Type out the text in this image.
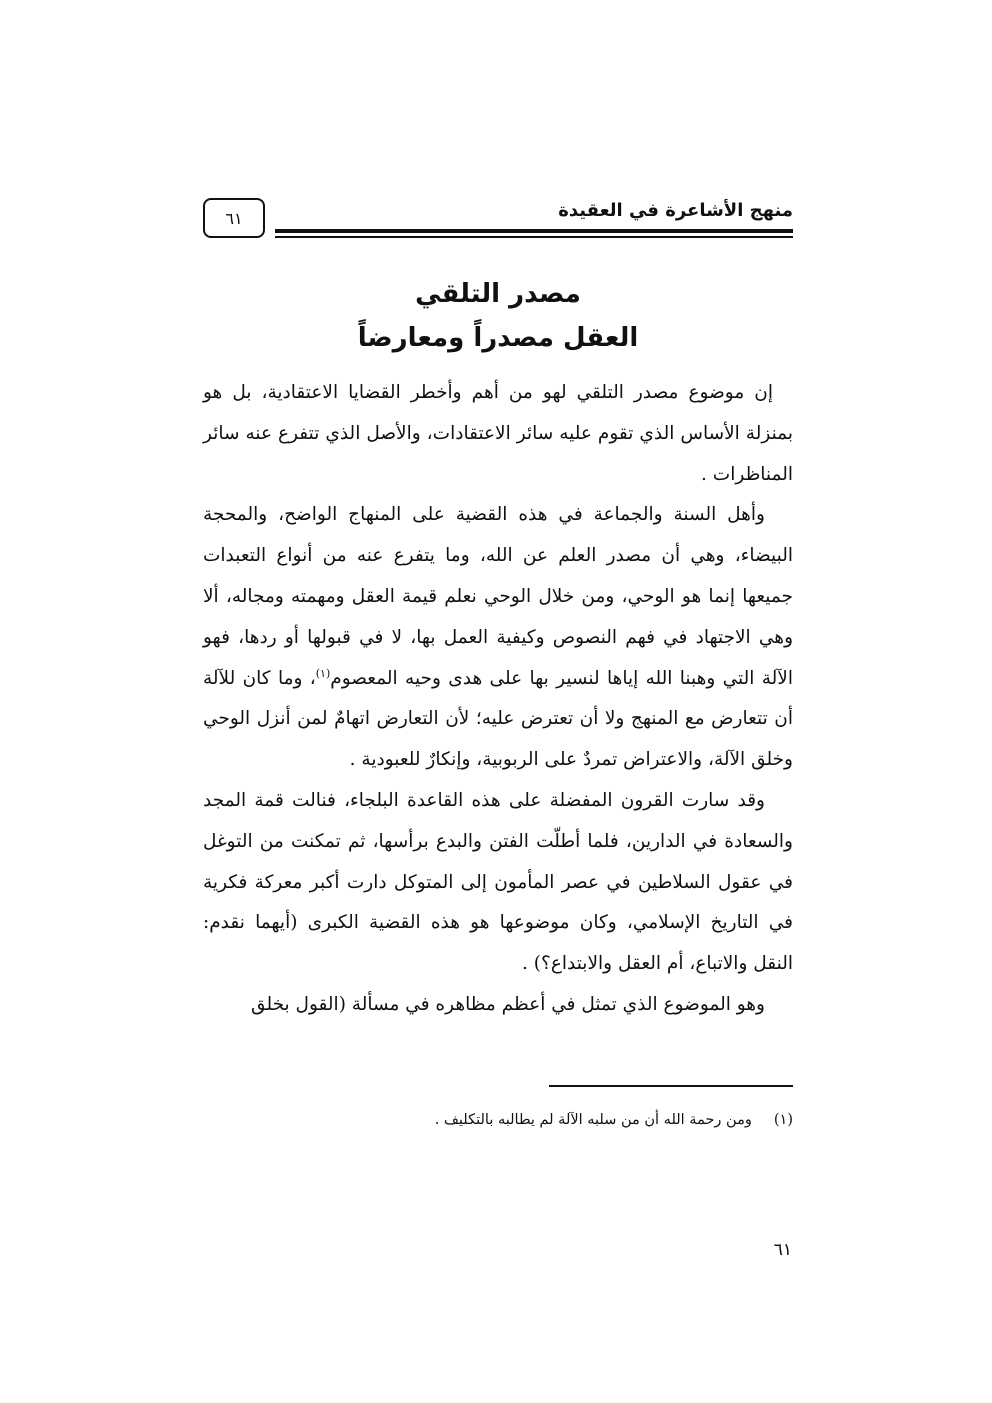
٦١	منهج الأشاعرة في العقيدة
مصدر التلقي
العقل مصدراً ومعارضاً

إن موضوع مصدر التلقي لهو من أهم وأخطر القضايا الاعتقادية، بل هو بمنزلة الأساس الذي تقوم عليه سائر الاعتقادات، والأصل الذي تتفرع عنه سائر المناظرات .

وأهل السنة والجماعة في هذه القضية على المنهاج الواضح، والمحجة البيضاء، وهي أن مصدر العلم عن الله، وما يتفرع عنه من أنواع التعبدات جميعها إنما هو الوحي، ومن خلال الوحي نعلم قيمة العقل ومهمته ومجاله، ألا وهي الاجتهاد في فهم النصوص وكيفية العمل بها، لا في قبولها أو ردها، فهو الآلة التي وهبنا الله إياها لنسير بها على هدى وحيه المعصوم$^{(١)}$، وما كان للآلة أن تتعارض مع المنهج ولا أن تعترض عليه؛ لأن التعارض اتهامٌ لمن أنزل الوحي وخلق الآلة، والاعتراض تمردٌ على الربوبية، وإنكارٌ للعبودية .

وقد سارت القرون المفضلة على هذه القاعدة البلجاء، فنالت قمة المجد والسعادة في الدارين، فلما أطلّت الفتن والبدع برأسها، ثم تمكنت من التوغل في عقول السلاطين في عصر المأمون إلى المتوكل دارت أكبر معركة فكرية في التاريخ الإسلامي، وكان موضوعها هو هذه القضية الكبرى (أيهما نقدم: النقل والاتباع، أم العقل والابتداع؟) .

وهو الموضوع الذي تمثل في أعظم مظاهره في مسألة (القول بخلق

(١)ومن رحمة الله أن من سلبه الآلة لم يطالبه بالتكليف .
٦١
